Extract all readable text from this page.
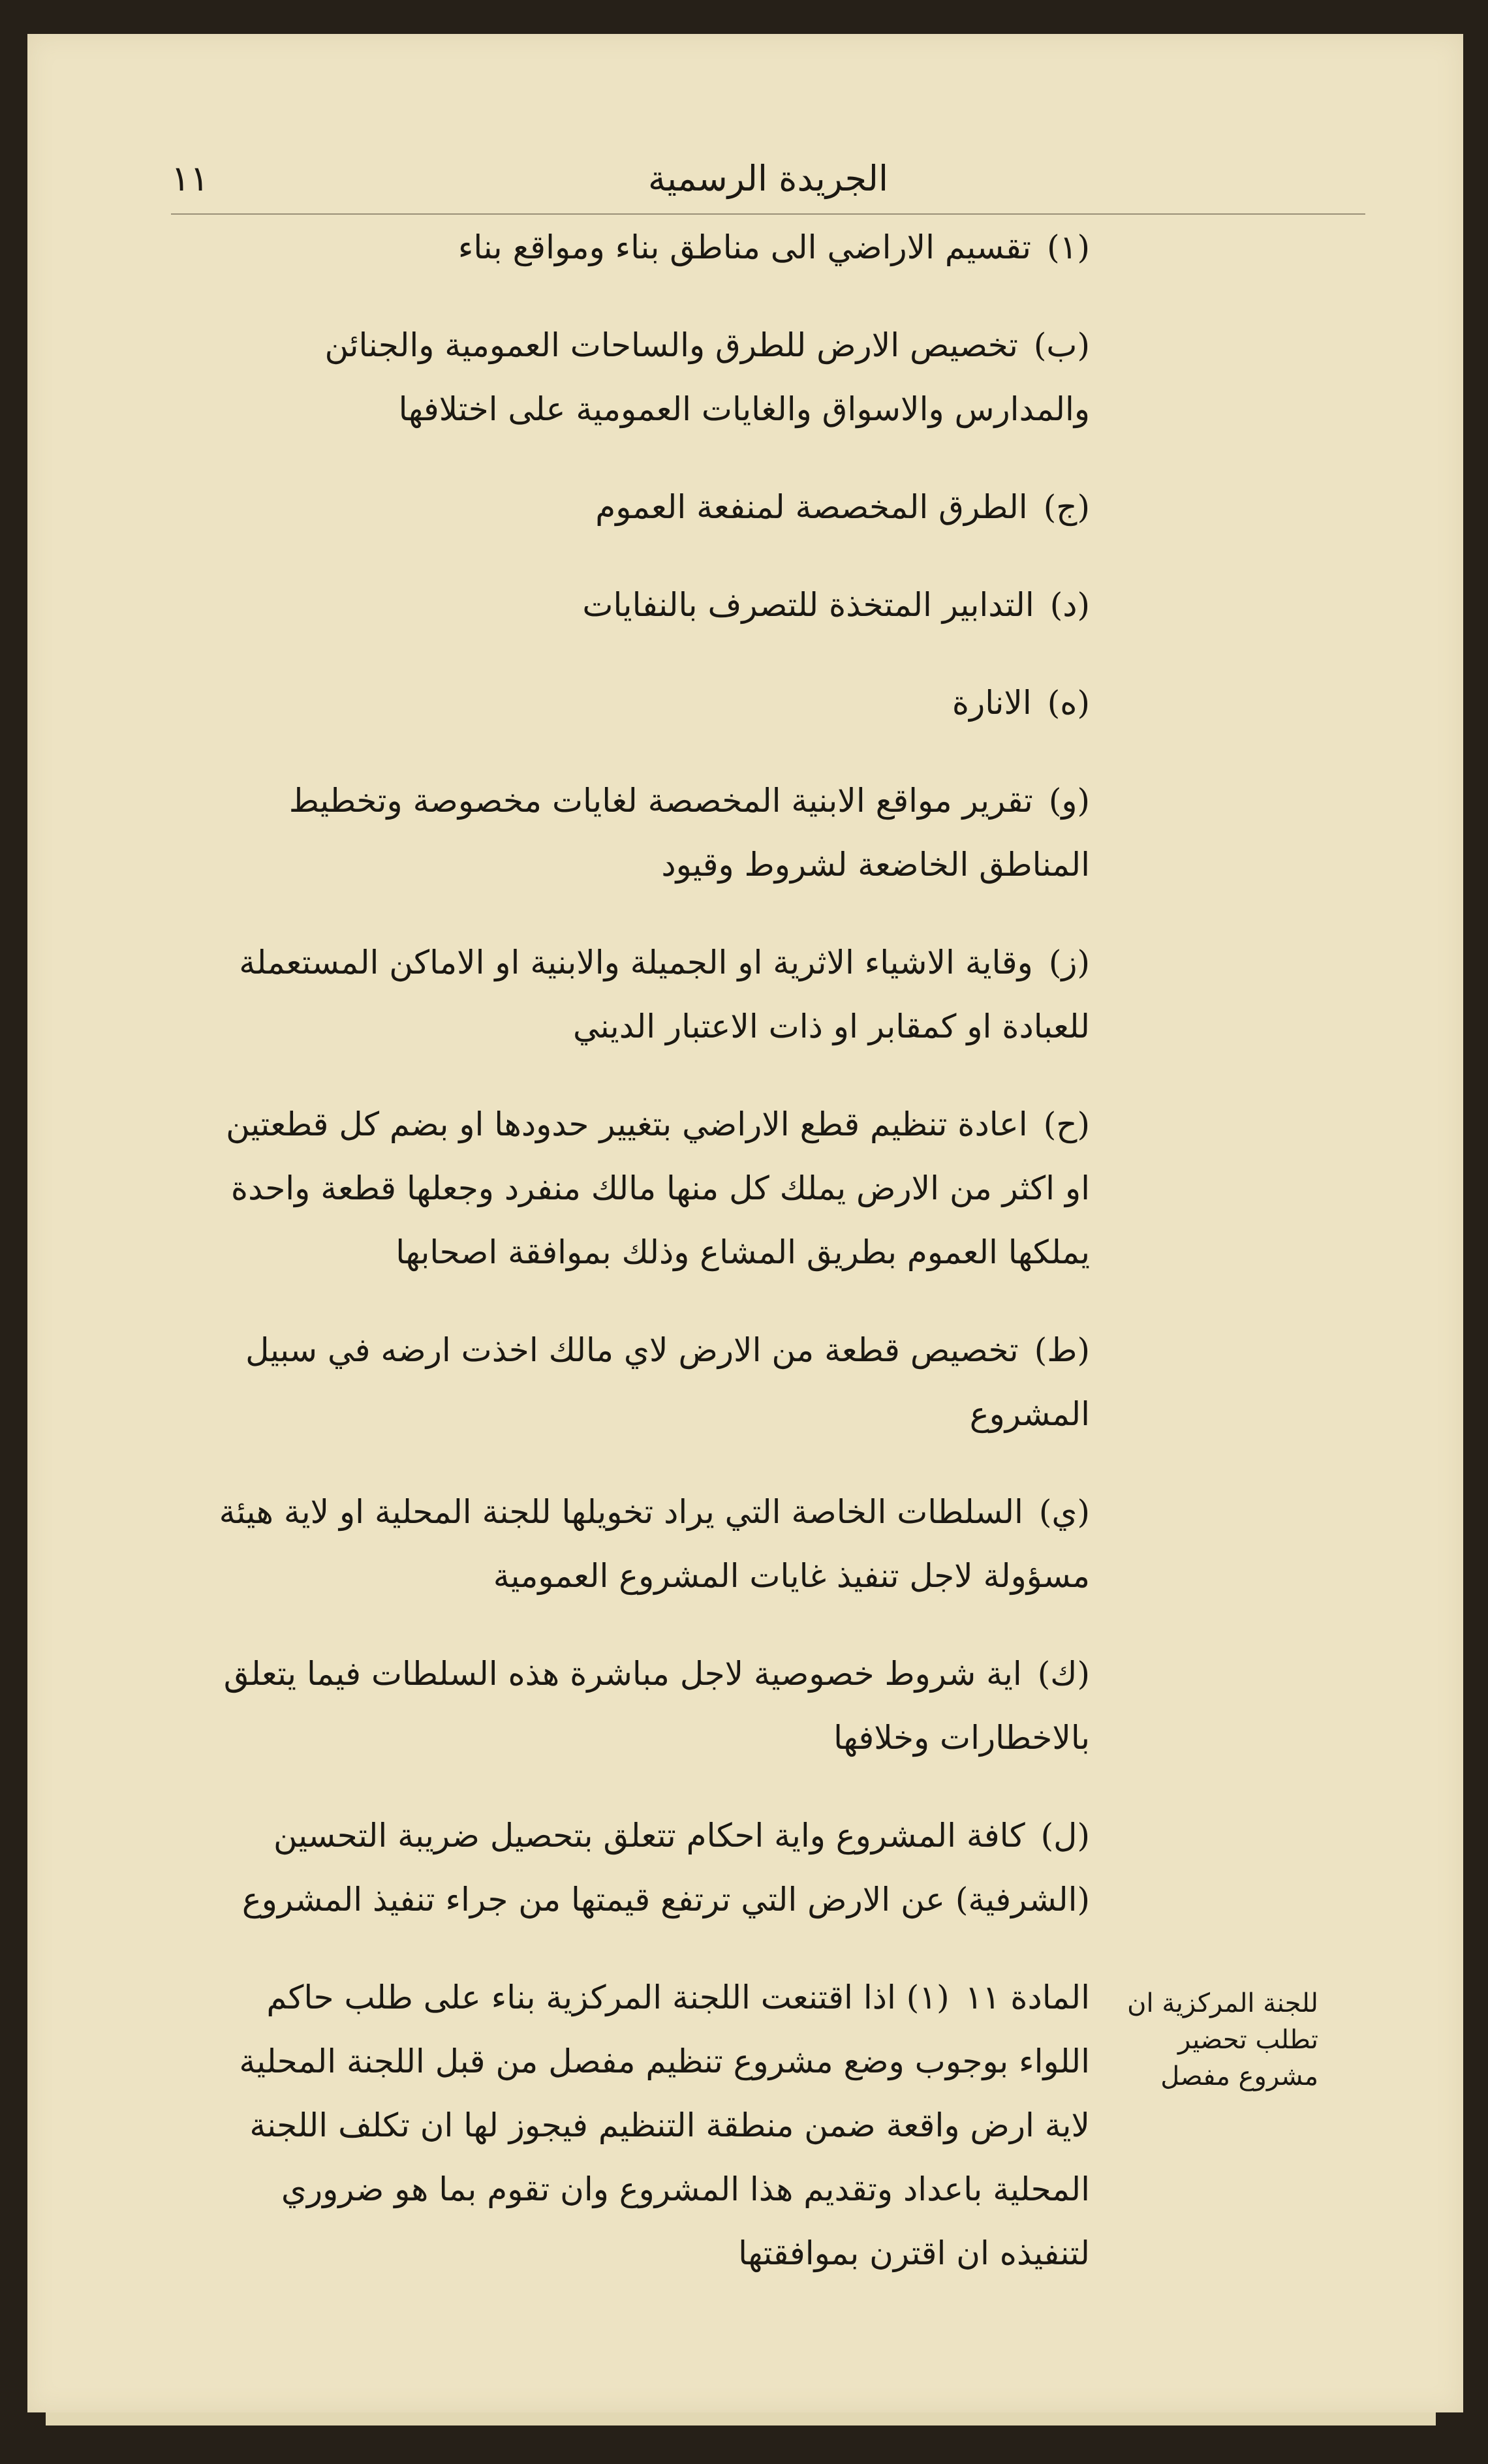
الجريدة الرسمية
١١

(١)تقسيم الاراضي الى مناطق بناء ومواقع بناء

(ب)تخصيص الارض للطرق والساحات العمومية والجنائن والمدارس والاسواق والغايات العمومية على اختلافها

(ج)الطرق المخصصة لمنفعة العموم

(د)التدابير المتخذة للتصرف بالنفايات

(ه)الانارة

(و)تقرير مواقع الابنية المخصصة لغايات مخصوصة وتخطيط المناطق الخاضعة لشروط وقيود

(ز)وقاية الاشياء الاثرية او الجميلة والابنية او الاماكن المستعملة للعبادة او كمقابر او ذات الاعتبار الديني

(ح)اعادة تنظيم قطع الاراضي بتغيير حدودها او بضم كل قطعتين او اكثر من الارض يملك كل منها مالك منفرد وجعلها قطعة واحدة يملكها العموم بطريق المشاع وذلك بموافقة اصحابها

(ط)تخصيص قطعة من الارض لاي مالك اخذت ارضه في سبيل المشروع

(ي)السلطات الخاصة التي يراد تخويلها للجنة المحلية او لاية هيئة مسؤولة لاجل تنفيذ غايات المشروع العمومية

(ك)اية شروط خصوصية لاجل مباشرة هذه السلطات فيما يتعلق بالاخطارات وخلافها

(ل)كافة المشروع واية احكام تتعلق بتحصيل ضريبة التحسين (الشرفية) عن الارض التي ترتفع قيمتها من جراء تنفيذ المشروع

المادة ١١(١) اذا اقتنعت اللجنة المركزية بناء على طلب حاكم اللواء بوجوب وضع مشروع تنظيم مفصل من قبل اللجنة المحلية لاية ارض واقعة ضمن منطقة التنظيم فيجوز لها ان تكلف اللجنة المحلية باعداد وتقديم هذا المشروع وان تقوم بما هو ضروري لتنفيذه ان اقترن بموافقتها

للجنة المركزية ان تطلب تحضير مشروع مفصل
